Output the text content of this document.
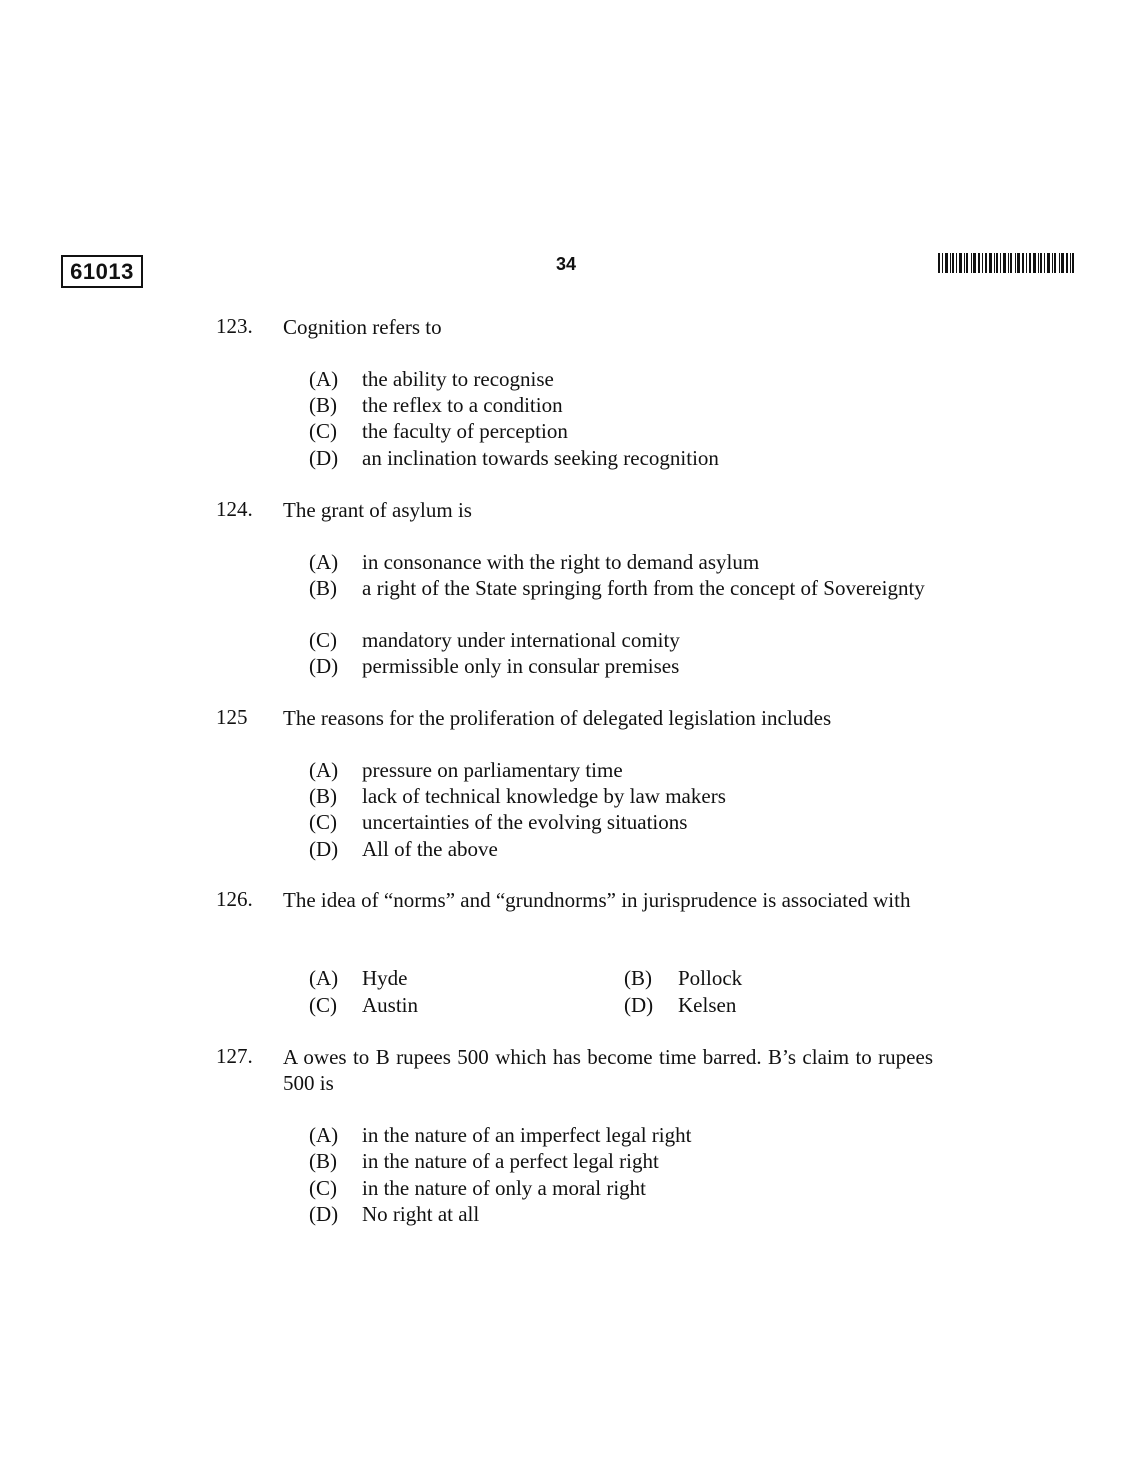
61013	34
123. Cognition refers to
(A) the ability to recognise
(B) the reflex to a condition
(C) the faculty of perception
(D) an inclination towards seeking recognition
124. The grant of asylum is
(A) in consonance with the right to demand asylum
(B) a right of the State springing forth from the concept of Sovereignty
(C) mandatory under international comity
(D) permissible only in consular premises
125 The reasons for the proliferation of delegated legislation includes
(A) pressure on parliamentary time
(B) lack of technical knowledge by law makers
(C) uncertainties of the evolving situations
(D) All of the above
126. The idea of “norms” and “grundnorms” in jurisprudence is associated with
(A) Hyde	(B) Pollock
(C) Austin	(D) Kelsen
127. A owes to B rupees 500 which has become time barred. B’s claim to rupees 500 is
(A) in the nature of an imperfect legal right
(B) in the nature of a perfect legal right
(C) in the nature of only a moral right
(D) No right at all
